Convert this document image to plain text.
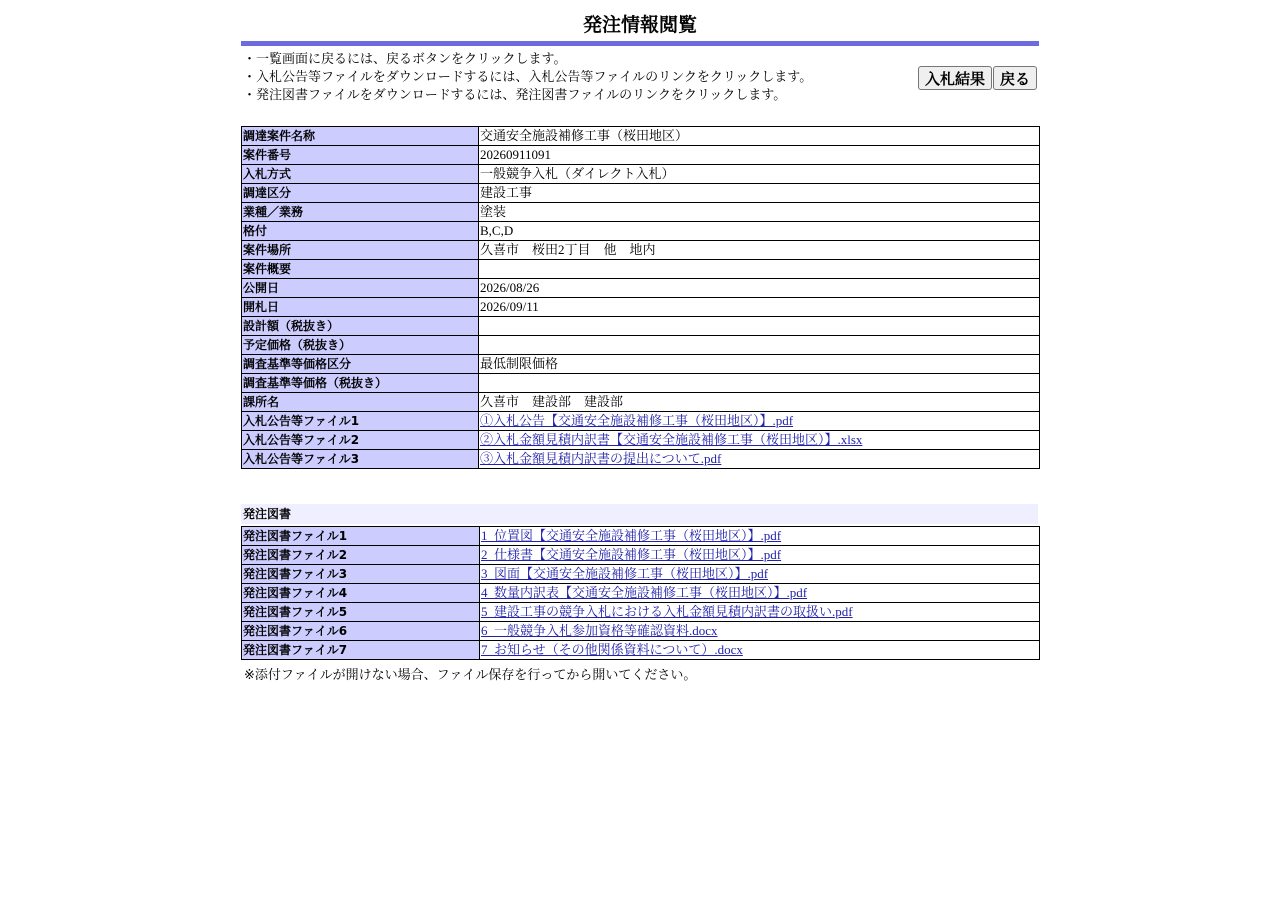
発注情報閲覧
・一覧画面に戻るには、戻るボタンをクリックします。
・入札公告等ファイルをダウンロードするには、入札公告等ファイルのリンクをクリックします。
・発注図書ファイルをダウンロードするには、発注図書ファイルのリンクをクリックします。
入札結果 戻る
調達案件名称	交通安全施設補修工事（桜田地区）
案件番号	20260911091
入札方式	一般競争入札（ダイレクト入札）
調達区分	建設工事
業種／業務	塗装
格付	B,C,D
案件場所	久喜市　桜田2丁目　他　地内
案件概要	
公開日	2026/08/26
開札日	2026/09/11
設計額（税抜き）	
予定価格（税抜き）	
調査基準等価格区分	最低制限価格
調査基準等価格（税抜き）	
課所名	久喜市　建設部　建設部
入札公告等ファイル1	①入札公告【交通安全施設補修工事（桜田地区）】.pdf
入札公告等ファイル2	②入札金額見積内訳書【交通安全施設補修工事（桜田地区）】.xlsx
入札公告等ファイル3	③入札金額見積内訳書の提出について.pdf
発注図書
発注図書ファイル1	1_位置図【交通安全施設補修工事（桜田地区）】.pdf
発注図書ファイル2	2_仕様書【交通安全施設補修工事（桜田地区）】.pdf
発注図書ファイル3	3_図面【交通安全施設補修工事（桜田地区）】.pdf
発注図書ファイル4	4_数量内訳表【交通安全施設補修工事（桜田地区）】.pdf
発注図書ファイル5	5_建設工事の競争入札における入札金額見積内訳書の取扱い.pdf
発注図書ファイル6	6_一般競争入札参加資格等確認資料.docx
発注図書ファイル7	7_お知らせ（その他関係資料について）.docx
※添付ファイルが開けない場合、ファイル保存を行ってから開いてください。
